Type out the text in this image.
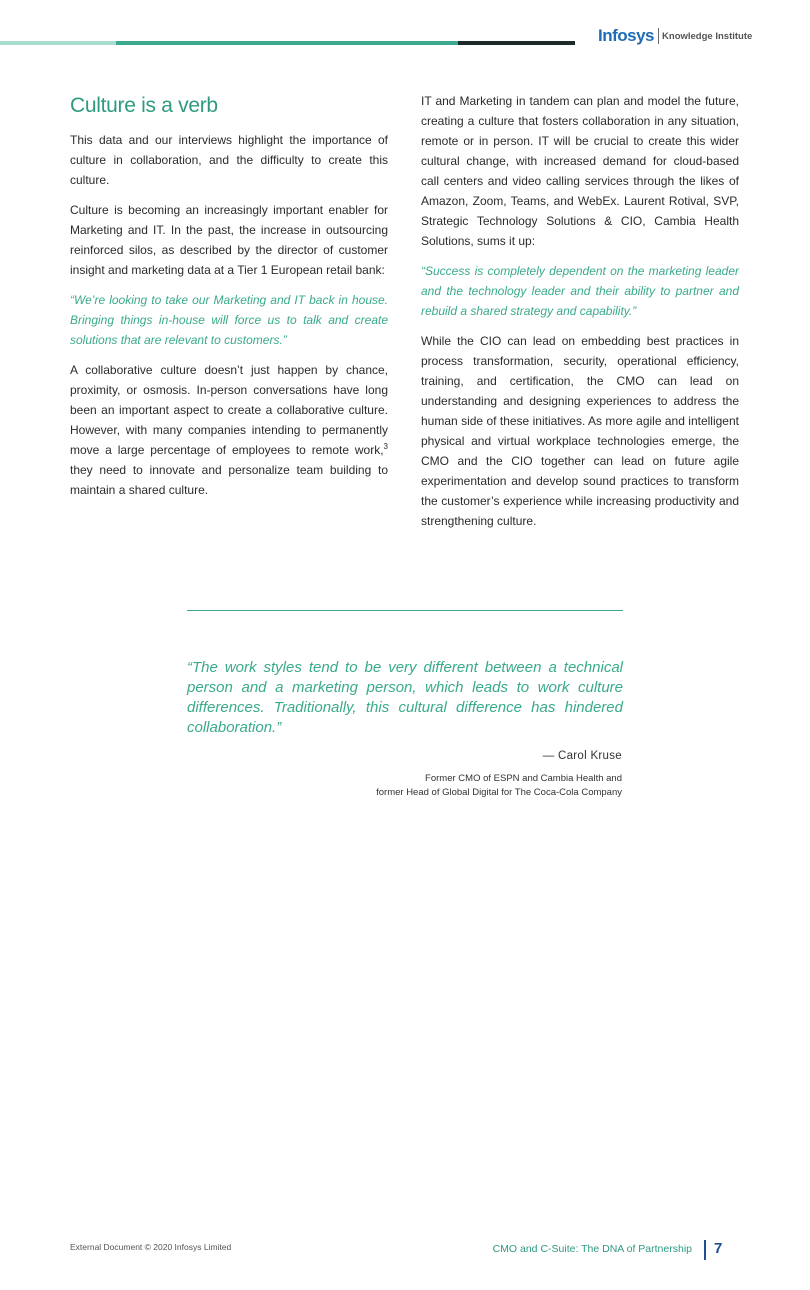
Infosys Knowledge Institute
Culture is a verb

This data and our interviews highlight the importance of culture in collaboration, and the difficulty to create this culture.

Culture is becoming an increasingly important enabler for Marketing and IT. In the past, the increase in outsourcing reinforced silos, as described by the director of customer insight and marketing data at a Tier 1 European retail bank:

“We’re looking to take our Marketing and IT back in house. Bringing things in-house will force us to talk and create solutions that are relevant to customers.”

A collaborative culture doesn’t just happen by chance, proximity, or osmosis. In-person conversations have long been an important aspect to create a collaborative culture. However, with many companies intending to permanently move a large percentage of employees to remote work,$^3$ they need to innovate and personalize team building to maintain a shared culture.

IT and Marketing in tandem can plan and model the future, creating a culture that fosters collaboration in any situation, remote or in person. IT will be crucial to create this wider cultural change, with increased demand for cloud-based call centers and video calling services through the likes of Amazon, Zoom, Teams, and WebEx. Laurent Rotival, SVP, Strategic Technology Solutions & CIO, Cambia Health Solutions, sums it up:

“Success is completely dependent on the marketing leader and the technology leader and their ability to partner and rebuild a shared strategy and capability.”

While the CIO can lead on embedding best practices in process transformation, security, operational efficiency, training, and certification, the CMO can lead on understanding and designing experiences to address the human side of these initiatives. As more agile and intelligent physical and virtual workplace technologies emerge, the CMO and the CIO together can lead on future agile experimentation and develop sound practices to transform the customer’s experience while increasing productivity and strengthening culture.

“The work styles tend to be very different between a technical person and a marketing person, which leads to work culture differences. Traditionally, this cultural difference has hindered collaboration.”

— Carol Kruse
Former CMO of ESPN and Cambia Health and
former Head of Global Digital for The Coca-Cola Company
External Document © 2020 Infosys Limited	CMO and C-Suite: The DNA of Partnership 7
